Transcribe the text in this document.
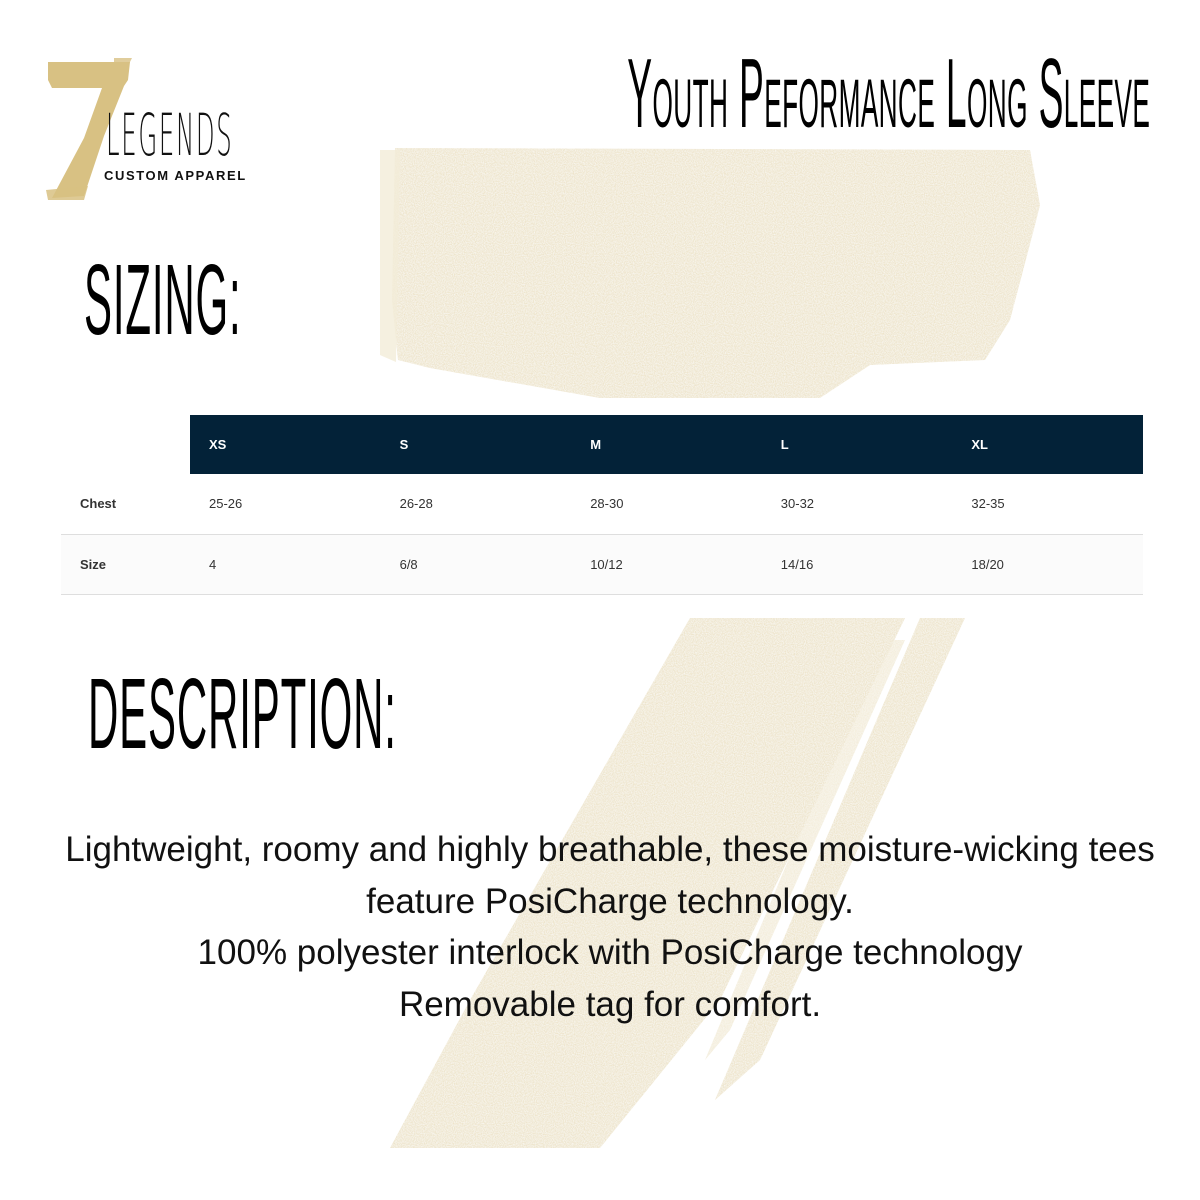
LEGENDS
CUSTOM APPAREL
Youth Peformance Long Sleeve
SIZING:
	XS	S	M	L	XL
Chest	25-26	26-28	28-30	30-32	32-35
Size	4	6/8	10/12	14/16	18/20
DESCRIPTION:

Lightweight, roomy and highly breathable, these moisture-wicking tees feature PosiCharge technology.

100% polyester interlock with PosiCharge technology

Removable tag for comfort.
